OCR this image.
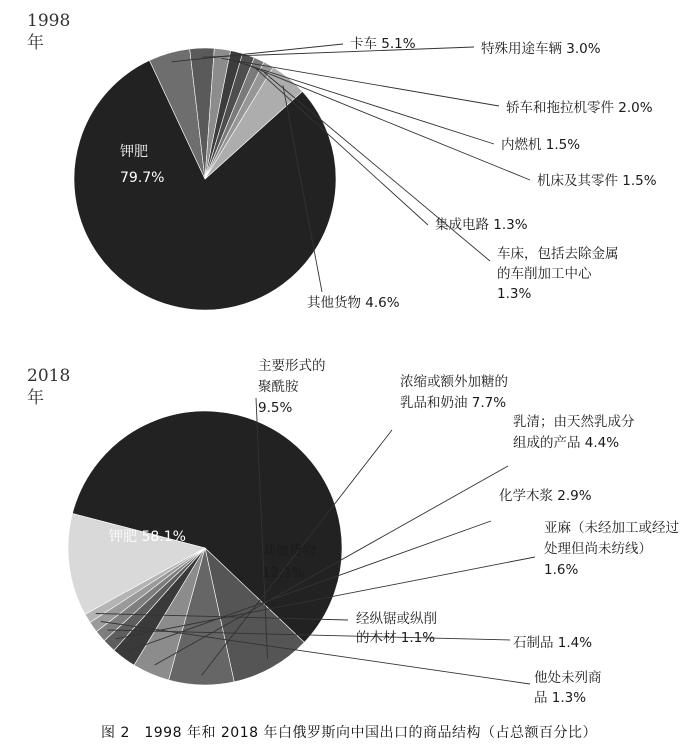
1998
年
钾肥
79.7%
卡车 5.1%	特殊用途车辆 3.0%
轿车和拖拉机零件 2.0%
内燃机 1.5%
机床及其零件 1.5%
集成电路 1.3%
车床，包括去除金属
的车削加工中心
1.3%
其他货物 4.6%
2018
年
钾肥 58.1%
主要形式的
聚酰胺
9.5%
浓缩或额外加糖的
乳品和奶油 7.7%
乳清；由天然乳成分
组成的产品 4.4%
化学木浆 2.9%
亚麻（未经加工或经过
处理但尚未纺线）
1.6%
石制品 1.4%
他处未列商
品 1.3%
经纵锯或纵削
的木材 1.1%
其他货物
12.1%
图 2　1998 年和 2018 年白俄罗斯向中国出口的商品结构（占总额百分比）
